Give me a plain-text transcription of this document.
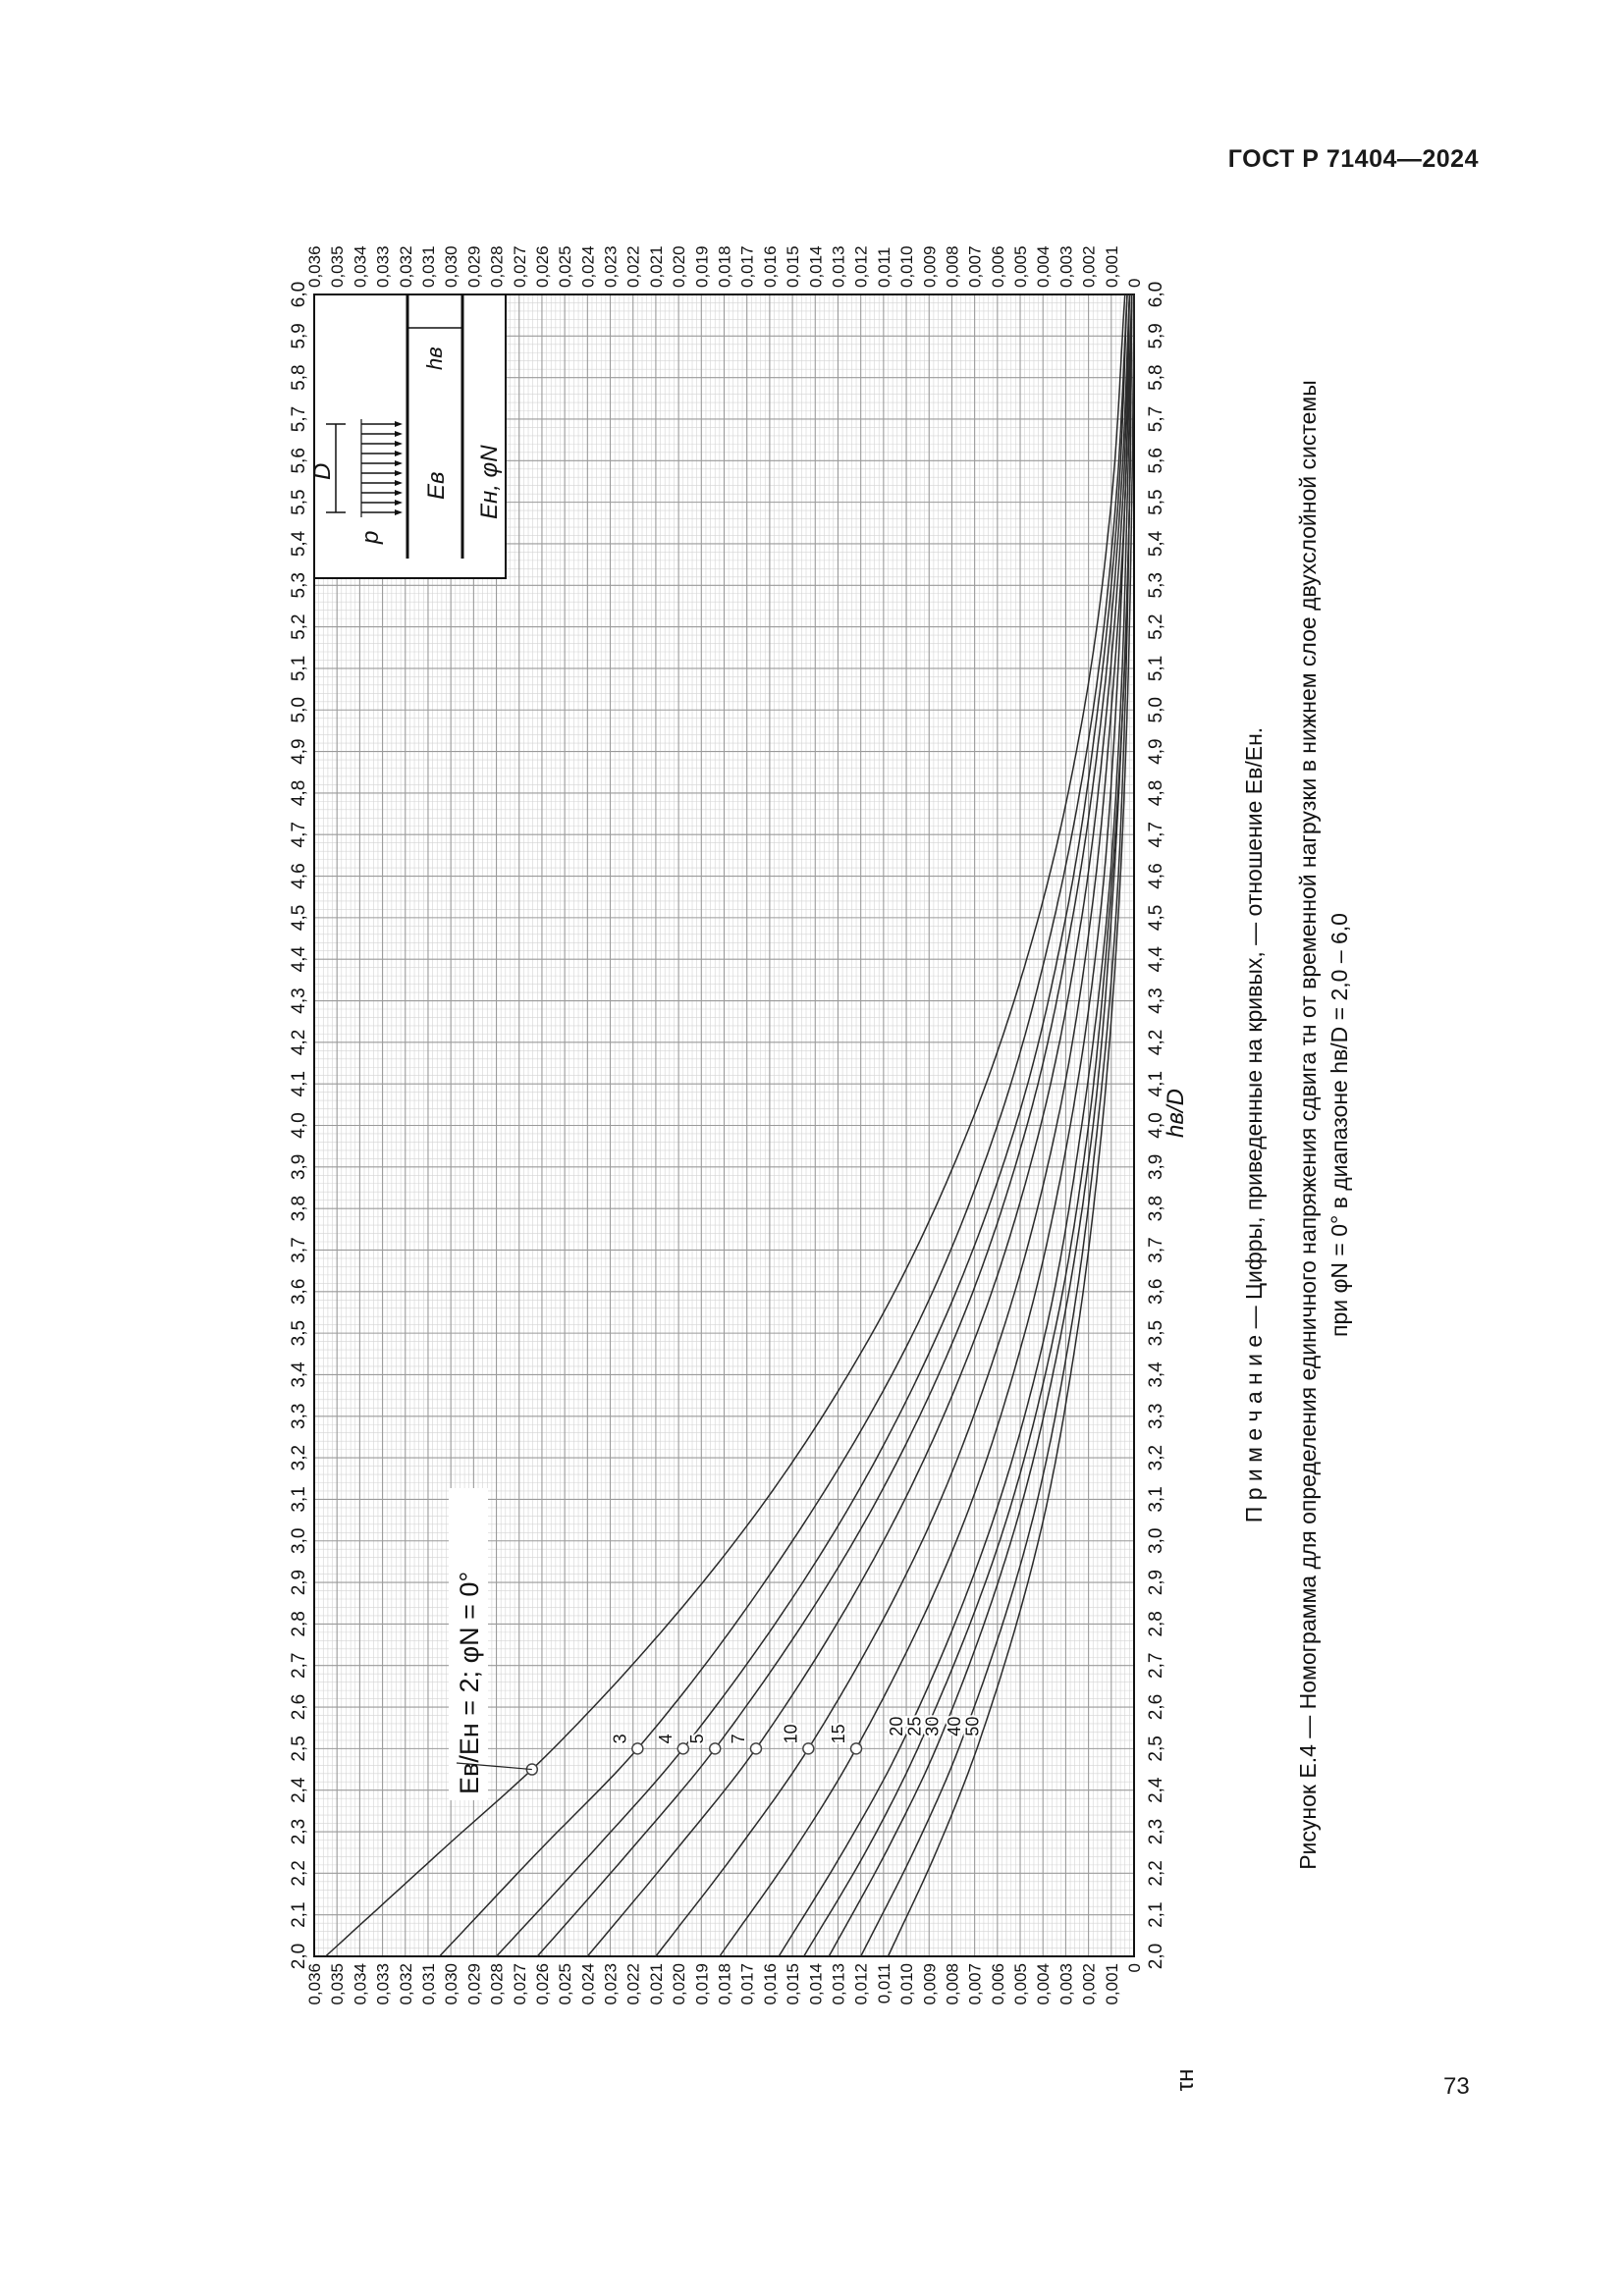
ГОСТ Р 71404—2024
2,0
2,1
2,2
2,3
2,4
2,5
2,6
2,7
2,8
2,9
3,0
3,1
3,2
3,3
3,4
3,5
3,6
3,7
3,8
3,9
4,0
4,1
4,2
4,3
4,4
4,5
4,6
4,7
4,8
4,9
5,0
5,1
5,2
5,3
5,4
5,5
5,6
5,7
5,8
5,9
6,0
2,0
2,1
2,2
2,3
2,4
2,5
2,6
2,7
2,8
2,9
3,0
3,1
3,2
3,3
3,4
3,5
3,6
3,7
3,8
3,9
4,0
4,1
4,2
4,3
4,4
4,5
4,6
4,7
4,8
4,9
5,0
5,1
5,2
5,3
5,4
5,5
5,6
5,7
5,8
5,9
6,0
0,001
0,002
0,003
0,004
0,005
0,006
0,007
0,008
0,009
0,010
0,011
0,012
0,013
0,014
0,015
0,016
0,017
0,018
0,019
0,020
0,021
0,022
0,023
0,024
0,025
0,026
0,027
0,028
0,029
0,030
0,031
0,032
0,033
0,034
0,035
0,036	0
0,001
0,002
0,003
0,004
0,005
0,006
0,007
0,008
0,009
0,010
0,011
0,012
0,013
0,014
0,015
0,016
0,017
0,018
0,019
0,020
0,021
0,022
0,023
0,024
0,025
0,026
0,027
0,028
0,029
0,030
0,031
0,032
0,033
0,034
0,035
0,036	0
3 4 5 7 10 15 20
25
30 40
50
Eв/Eн = 2; φN = 0°
p
D
Eв
hв
Eн, φN
τн
hв/D П р и м е ч а н и е — Цифры, приведенные на кривых, — отношение Eв/Eн. Рисунок Е.4 — Номограмма для определения единичного напряжения сдвига τн от временной нагрузки в нижнем слое двухслойной системы при φN = 0° в диапазоне hв/D = 2,0 – 6,0
73
